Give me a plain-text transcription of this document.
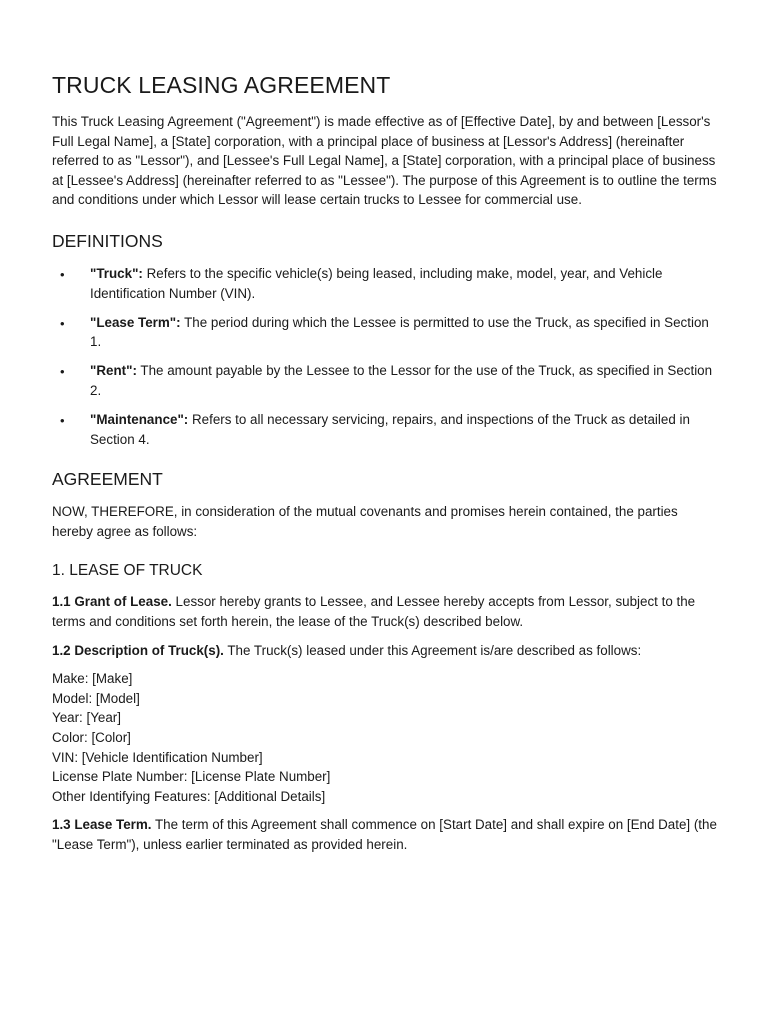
TRUCK LEASING AGREEMENT

This Truck Leasing Agreement ("Agreement") is made effective as of [Effective Date], by and between [Lessor's Full Legal Name], a [State] corporation, with a principal place of business at [Lessor's Address] (hereinafter referred to as "Lessor"), and [Lessee's Full Legal Name], a [State] corporation, with a principal place of business at [Lessee's Address] (hereinafter referred to as "Lessee"). The purpose of this Agreement is to outline the terms and conditions under which Lessor will lease certain trucks to Lessee for commercial use.

DEFINITIONS
• "Truck": Refers to the specific vehicle(s) being leased, including make, model, year, and Vehicle Identification Number (VIN).
• "Lease Term": The period during which the Lessee is permitted to use the Truck, as specified in Section 1.
• "Rent": The amount payable by the Lessee to the Lessor for the use of the Truck, as specified in Section 2.
• "Maintenance": Refers to all necessary servicing, repairs, and inspections of the Truck as detailed in Section 4.
AGREEMENT

NOW, THEREFORE, in consideration of the mutual covenants and promises herein contained, the parties hereby agree as follows:

1. LEASE OF TRUCK

1.1 Grant of Lease. Lessor hereby grants to Lessee, and Lessee hereby accepts from Lessor, subject to the terms and conditions set forth herein, the lease of the Truck(s) described below.

1.2 Description of Truck(s). The Truck(s) leased under this Agreement is/are described as follows:

Make: [Make]
Model: [Model]
Year: [Year]
Color: [Color]
VIN: [Vehicle Identification Number]
License Plate Number: [License Plate Number]
Other Identifying Features: [Additional Details]

1.3 Lease Term. The term of this Agreement shall commence on [Start Date] and shall expire on [End Date] (the "Lease Term"), unless earlier terminated as provided herein.
